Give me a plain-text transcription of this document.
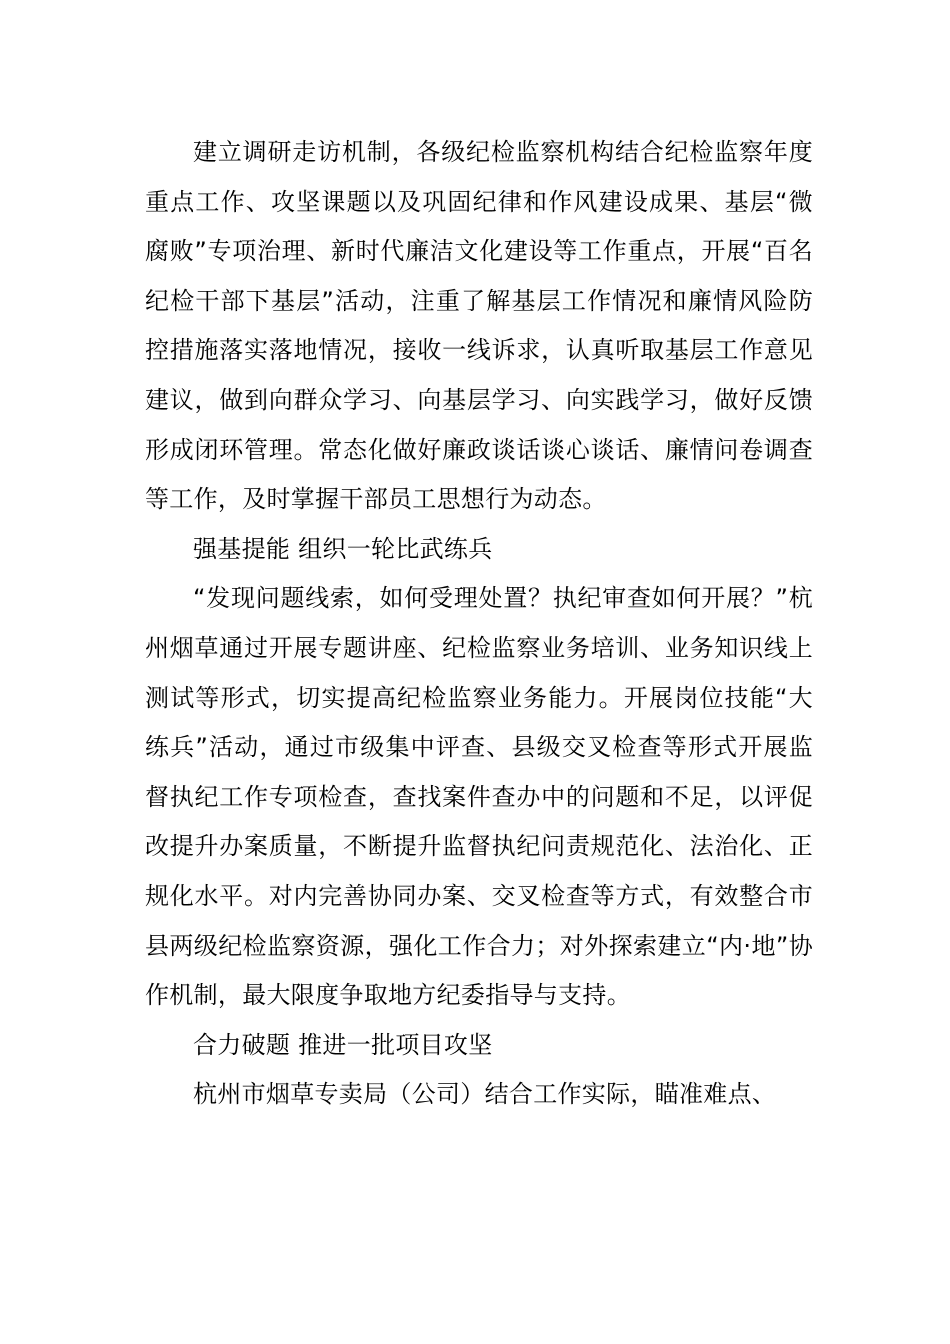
建立调研走访机制，各级纪检监察机构结合纪检监察年度重点工作、攻坚课题以及巩固纪律和作风建设成果、基层“微腐败”专项治理、新时代廉洁文化建设等工作重点，开展“百名纪检干部下基层”活动，注重了解基层工作情况和廉情风险防控措施落实落地情况，接收一线诉求，认真听取基层工作意见建议，做到向群众学习、向基层学习、向实践学习，做好反馈形成闭环管理。常态化做好廉政谈话谈心谈话、廉情问卷调查等工作，及时掌握干部员工思想行为动态。

强基提能 组织一轮比武练兵

“发现问题线索，如何受理处置？执纪审查如何开展？”杭州烟草通过开展专题讲座、纪检监察业务培训、业务知识线上测试等形式，切实提高纪检监察业务能力。开展岗位技能“大练兵”活动，通过市级集中评查、县级交叉检查等形式开展监督执纪工作专项检查，查找案件查办中的问题和不足，以评促改提升办案质量，不断提升监督执纪问责规范化、法治化、正规化水平。对内完善协同办案、交叉检查等方式，有效整合市县两级纪检监察资源，强化工作合力；对外探索建立“内·地”协作机制，最大限度争取地方纪委指导与支持。

合力破题 推进一批项目攻坚

杭州市烟草专卖局（公司）结合工作实际，瞄准难点、
